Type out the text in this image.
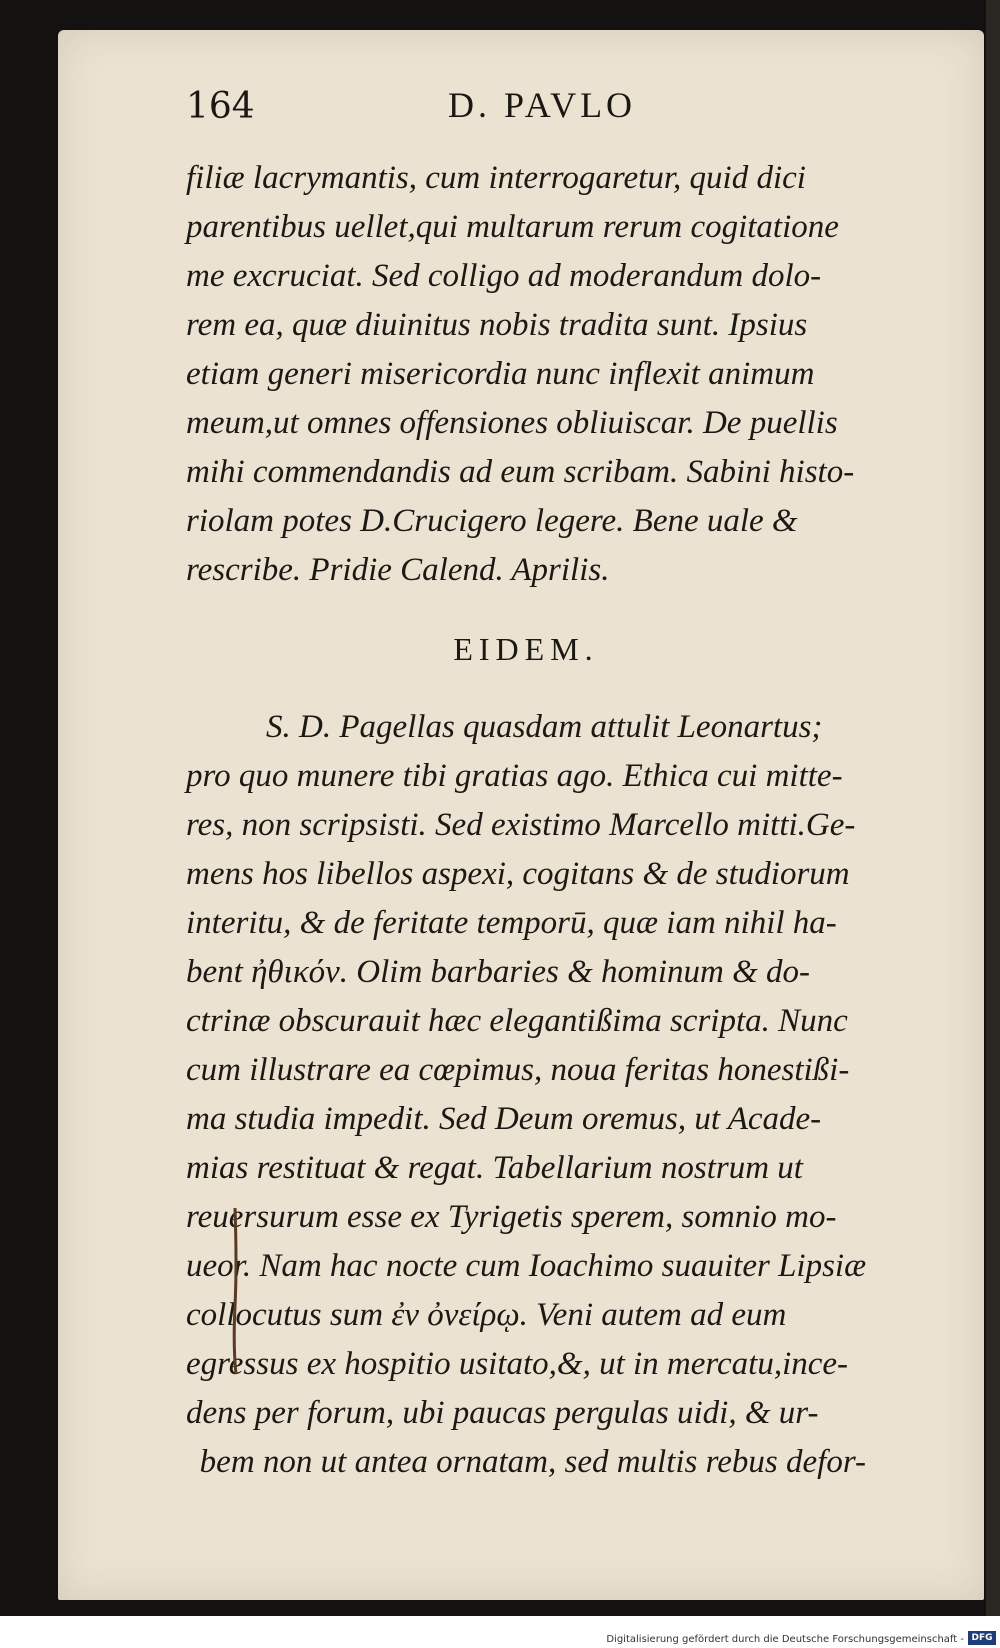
164	D. PAVLO
filiæ lacrymantis, cum interrogaretur, quid dici
parentibus uellet,qui multarum rerum cogitatione
me excruciat. Sed colligo ad moderandum dolo-
rem ea, quæ diuinitus nobis tradita sunt. Ipsius
etiam generi misericordia nunc inflexit animum
meum,ut omnes offensiones obliuiscar. De puellis
mihi commendandis ad eum scribam. Sabini histo-
riolam potes D.Crucigero legere. Bene uale &
rescribe. Pridie Calend. Aprilis.
EIDEM.
S. D. Pagellas quasdam attulit Leonartus;
pro quo munere tibi gratias ago. Ethica cui mitte-
res, non scripsisti. Sed existimo Marcello mitti.Ge-
mens hos libellos aspexi, cogitans & de studiorum
interitu, & de feritate temporū, quæ iam nihil ha-
bent ἠθικόν. Olim barbaries & hominum & do-
ctrinæ obscurauit hæc elegantißima scripta. Nunc
cum illustrare ea cœpimus, noua feritas honestißi-
ma studia impedit. Sed Deum oremus, ut Acade-
mias restituat & regat. Tabellarium nostrum ut
reuersurum esse ex Tyrigetis sperem, somnio mo-
ueor. Nam hac nocte cum Ioachimo suauiter Lipsiæ
collocutus sum ἐν ὀνείρῳ. Veni autem ad eum
egressus ex hospitio usitato,&, ut in mercatu,ince-
dens per forum, ubi paucas pergulas uidi, & ur-
bem non ut antea ornatam, sed multis rebus defor-
Digitalisierung gefördert durch die Deutsche Forschungsgemeinschaft - DFG
